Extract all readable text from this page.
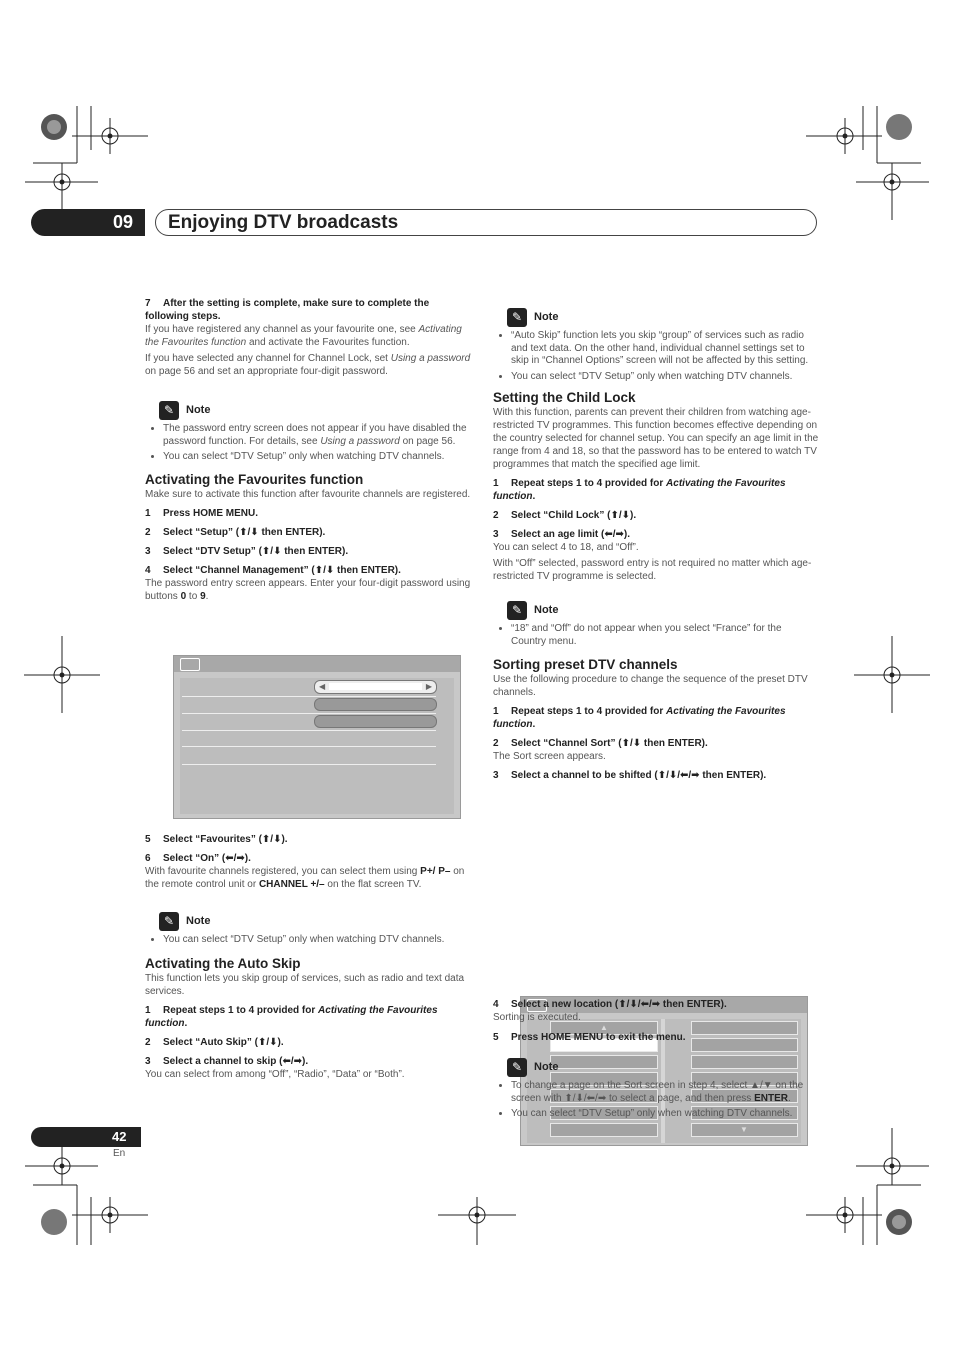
09	Enjoying DTV broadcasts
7 After the setting is complete, make sure to complete the following steps.
If you have registered any channel as your favourite one, see Activating the Favourites function and activate the Favourites function.
If you have selected any channel for Channel Lock, set Using a password on page 56 and set an appropriate four-digit password.
✎	Note
• The password entry screen does not appear if you have disabled the password function. For details, see Using a password on page 56.
• You can select “DTV Setup” only when watching DTV channels.
Activating the Favourites function
Make sure to activate this function after favourite channels are registered.
1 Press HOME MENU.
2 Select “Setup” (⬆/⬇ then ENTER).
3 Select “DTV Setup” (⬆/⬇ then ENTER).
4 Select “Channel Management” (⬆/⬇ then ENTER).
The password entry screen appears. Enter your four-digit password using buttons 0 to 9.
◀	▶
5 Select “Favourites” (⬆/⬇).
6 Select “On” (⬅/➡).
With favourite channels registered, you can select them using P+/ P– on the remote control unit or CHANNEL +/– on the flat screen TV.
✎	Note
• You can select “DTV Setup” only when watching DTV channels.
Activating the Auto Skip
This function lets you skip group of services, such as radio and text data services.
1 Repeat steps 1 to 4 provided for Activating the Favourites function.
2 Select “Auto Skip” (⬆/⬇).
3 Select a channel to skip (⬅/➡).
You can select from among “Off”, “Radio”, “Data” or “Both”.
✎	Note
• “Auto Skip” function lets you skip “group” of services such as radio and text data. On the other hand, individual channel settings set to skip in “Channel Options” screen will not be affected by this setting.
• You can select “DTV Setup” only when watching DTV channels.
Setting the Child Lock
With this function, parents can prevent their children from watching age-restricted TV programmes. This function becomes effective depending on the country selected for channel setup. You can specify an age limit in the range from 4 and 18, so that the password has to be entered to watch TV programmes that match the specified age limit.
1 Repeat steps 1 to 4 provided for Activating the Favourites function.
2 Select “Child Lock” (⬆/⬇).
3 Select an age limit (⬅/➡).
You can select 4 to 18, and “Off”.
With “Off” selected, password entry is not required no matter which age-restricted TV programme is selected.
✎	Note
• “18” and “Off” do not appear when you select “France” for the Country menu.
Sorting preset DTV channels
Use the following procedure to change the sequence of the preset DTV channels.
1 Repeat steps 1 to 4 provided for Activating the Favourites function.
2 Select “Channel Sort” (⬆/⬇ then ENTER).
The Sort screen appears.
3 Select a channel to be shifted (⬆/⬇/⬅/➡ then ENTER).
▲
▼
4 Select a new location (⬆/⬇/⬅/➡ then ENTER).
Sorting is executed.
5 Press HOME MENU to exit the menu.
✎	Note
• To change a page on the Sort screen in step 4, select ▲/▼ on the screen with ⬆/⬇/⬅/➡ to select a page, and then press ENTER.
• You can select “DTV Setup” only when watching DTV channels.
42
En
